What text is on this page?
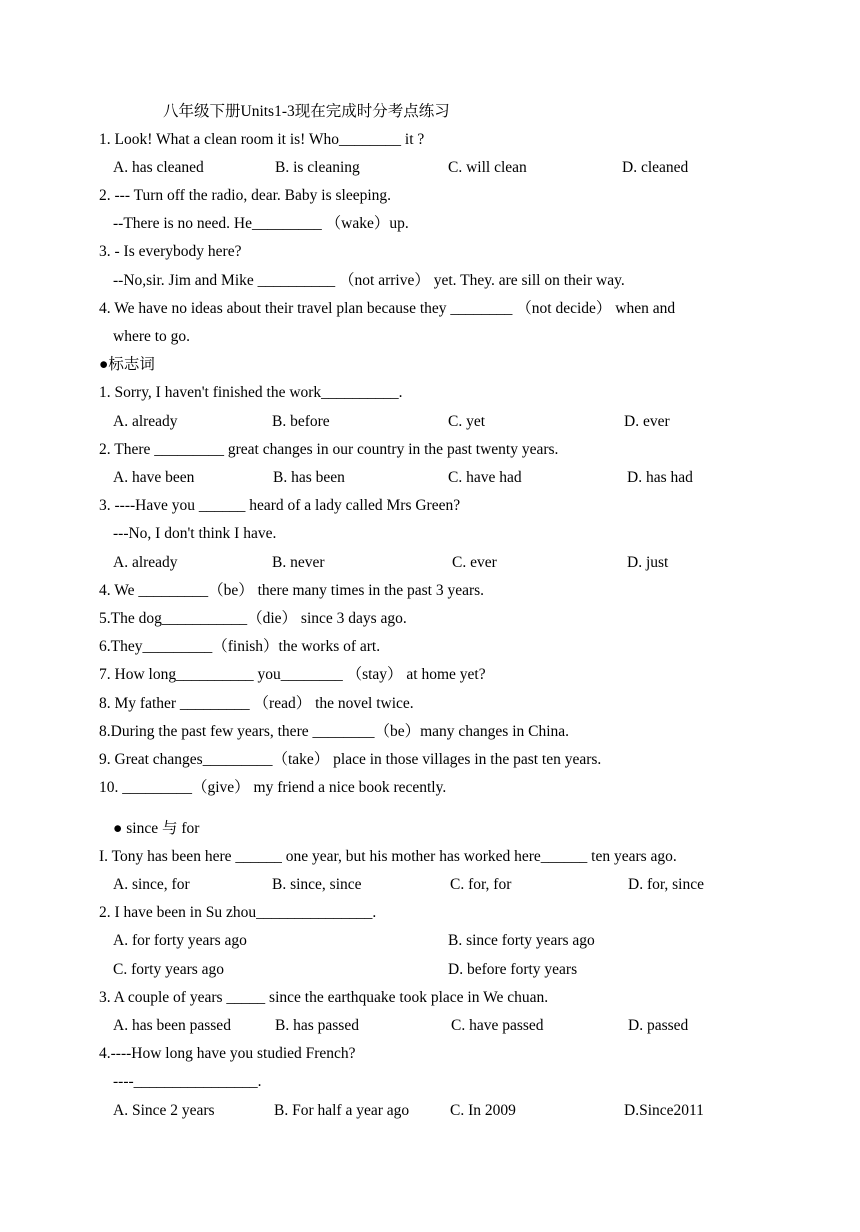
八年级下册Units1-3现在完成时分考点练习

1. Look! What a clean room it is! Who________ it ?

A. has cleaned

	B. is cleaning

	C. will clean

	D. cleaned

2. --- Turn off the radio, dear. Baby is sleeping.

--There is no need. He_________ （wake）up.

3. - Is everybody here?

--No,sir. Jim and Mike __________ （not arrive） yet. They. are sill on their way.

4. We have no ideas about their travel plan because they ________ （not decide） when and

where to go.

●标志词

1. Sorry, I haven't finished the work__________.

A. already

	B. before

	C. yet

	D. ever

2. There _________ great changes in our country in the past twenty years.

A. have been

	B. has been

	C. have had

	D. has had

3. ----Have you ______ heard of a lady called Mrs Green?

---No, I don't think I have.

A. already

	B. never

	C. ever

	D. just

4. We _________（be） there many times in the past 3 years.

5.The dog___________（die） since 3 days ago.

6.They_________（finish）the works of art.

7. How long__________ you________ （stay） at home yet?

8. My father _________ （read） the novel twice.

8.During the past few years, there ________（be）many changes in China.

9. Great changes_________（take） place in those villages in the past ten years.

10. _________（give） my friend a nice book recently.

● since 与 for

I. Tony has been here ______ one year, but his mother has worked here______ ten years ago.

A. since, for

	B. since, since

	C. for, for

	D. for, since

2. I have been in Su zhou_______________.

A. for forty years ago

	B. since forty years ago

C. forty years ago

	D. before forty years

3. A couple of years _____ since the earthquake took place in We chuan.

A. has been passed

	B. has passed

	C. have passed

	D. passed

4.----How long have you studied French?

----________________.

A. Since 2 years

	B. For half a year ago

	C. In 2009

	D.Since2011
